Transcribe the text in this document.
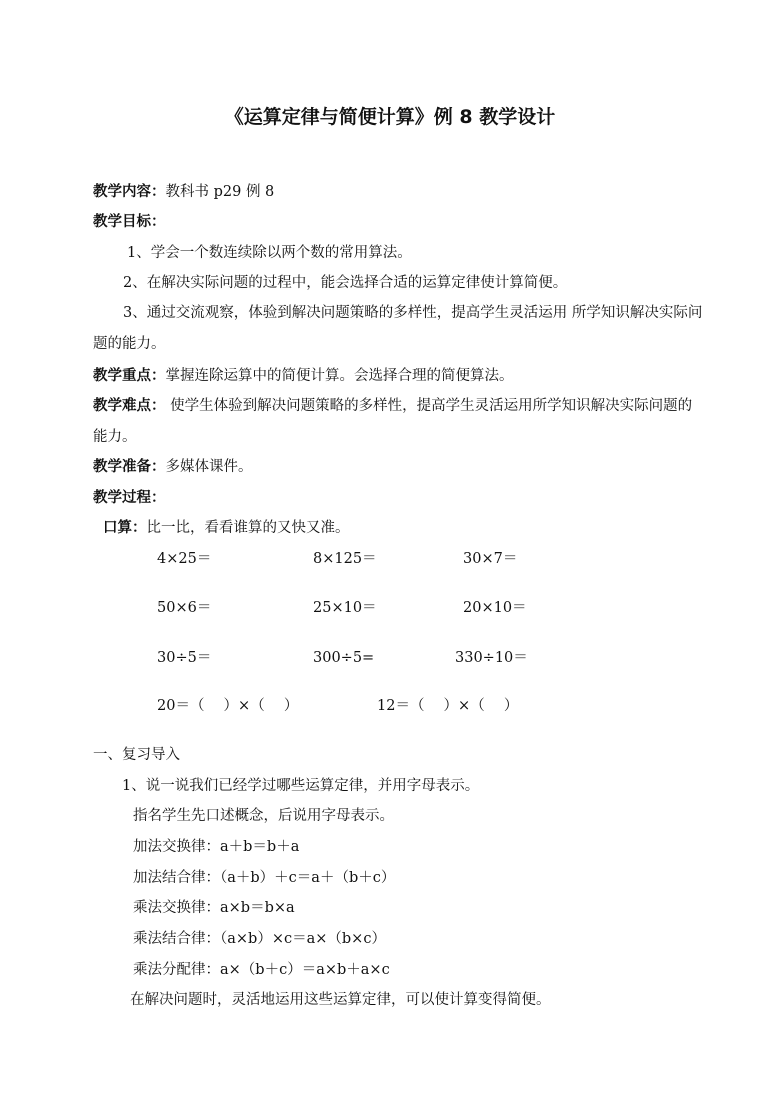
《运算定律与简便计算》例 8 教学设计
教学内容：教科书 p29 例 8
教学目标：
1、学会一个数连续除以两个数的常用算法。
2、在解决实际问题的过程中，能会选择合适的运算定律使计算简便。
3、通过交流观察，体验到解决问题策略的多样性，提高学生灵活运用 所学知识解决实际问题的能力。
教学重点：掌握连除运算中的简便计算。会选择合理的简便算法。
教学难点： 使学生体验到解决问题策略的多样性，提高学生灵活运用所学知识解决实际问题的能力。
教学准备：多媒体课件。
教学过程：
口算：比一比，看看谁算的又快又准。
4×25＝	8×125＝	30×7＝
50×6＝	25×10＝	20×10＝
30÷5＝	300÷5=	330÷10＝
20＝（　 ）×（　 ）	12＝（　 ）×（　 ）
一、复习导入
1、说一说我们已经学过哪些运算定律，并用字母表示。
指名学生先口述概念，后说用字母表示。
加法交换律：a＋b＝b＋a
加法结合律：（a＋b）＋c＝a＋（b＋c）
乘法交换律：a×b＝b×a
乘法结合律：（a×b）×c＝a×（b×c）
乘法分配律：a×（b＋c）＝a×b＋a×c
在解决问题时，灵活地运用这些运算定律，可以使计算变得简便。
